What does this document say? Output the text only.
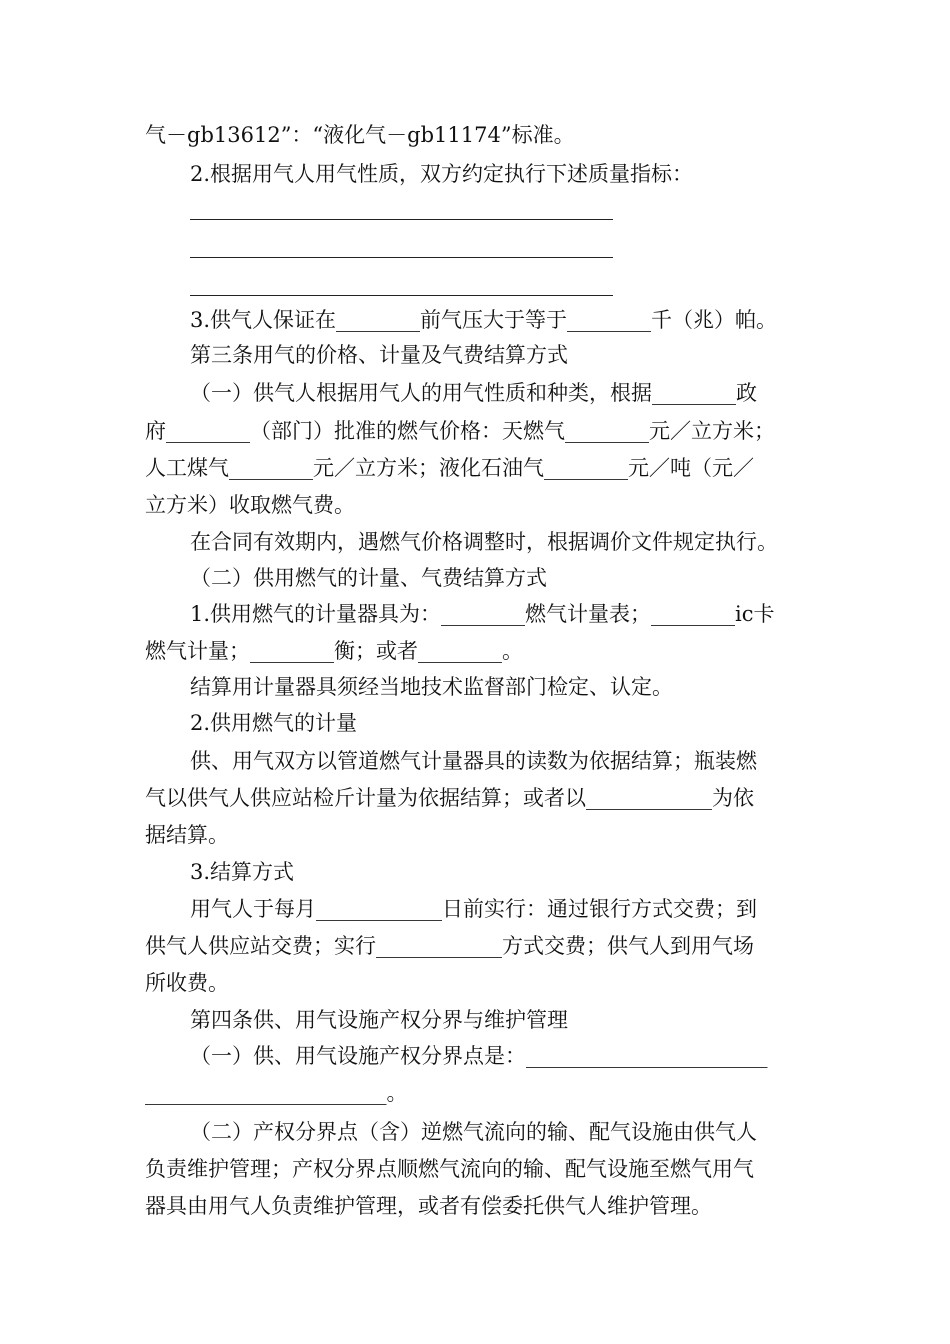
气－gb13612”：“液化气－gb11174”标准。
2.根据用气人用气性质，双方约定执行下述质量指标：
3.供气人保证在________前气压大于等于________千（兆）帕。
第三条用气的价格、计量及气费结算方式
（一）供气人根据用气人的用气性质和种类，根据________政
府________（部门）批准的燃气价格：天燃气________元／立方米；
人工煤气________元／立方米；液化石油气________元／吨（元／
立方米）收取燃气费。
在合同有效期内，遇燃气价格调整时，根据调价文件规定执行。
（二）供用燃气的计量、气费结算方式
1.供用燃气的计量器具为：________燃气计量表；________ic卡
燃气计量；________衡；或者________。
结算用计量器具须经当地技术监督部门检定、认定。
2.供用燃气的计量
供、用气双方以管道燃气计量器具的读数为依据结算；瓶装燃
气以供气人供应站检斤计量为依据结算；或者以____________为依
据结算。
3.结算方式
用气人于每月____________日前实行：通过银行方式交费；到
供气人供应站交费；实行____________方式交费；供气人到用气场
所收费。
第四条供、用气设施产权分界与维护管理
（一）供、用气设施产权分界点是：_______________________
_______________________。
（二）产权分界点（含）逆燃气流向的输、配气设施由供气人
负责维护管理；产权分界点顺燃气流向的输、配气设施至燃气用气
器具由用气人负责维护管理，或者有偿委托供气人维护管理。
